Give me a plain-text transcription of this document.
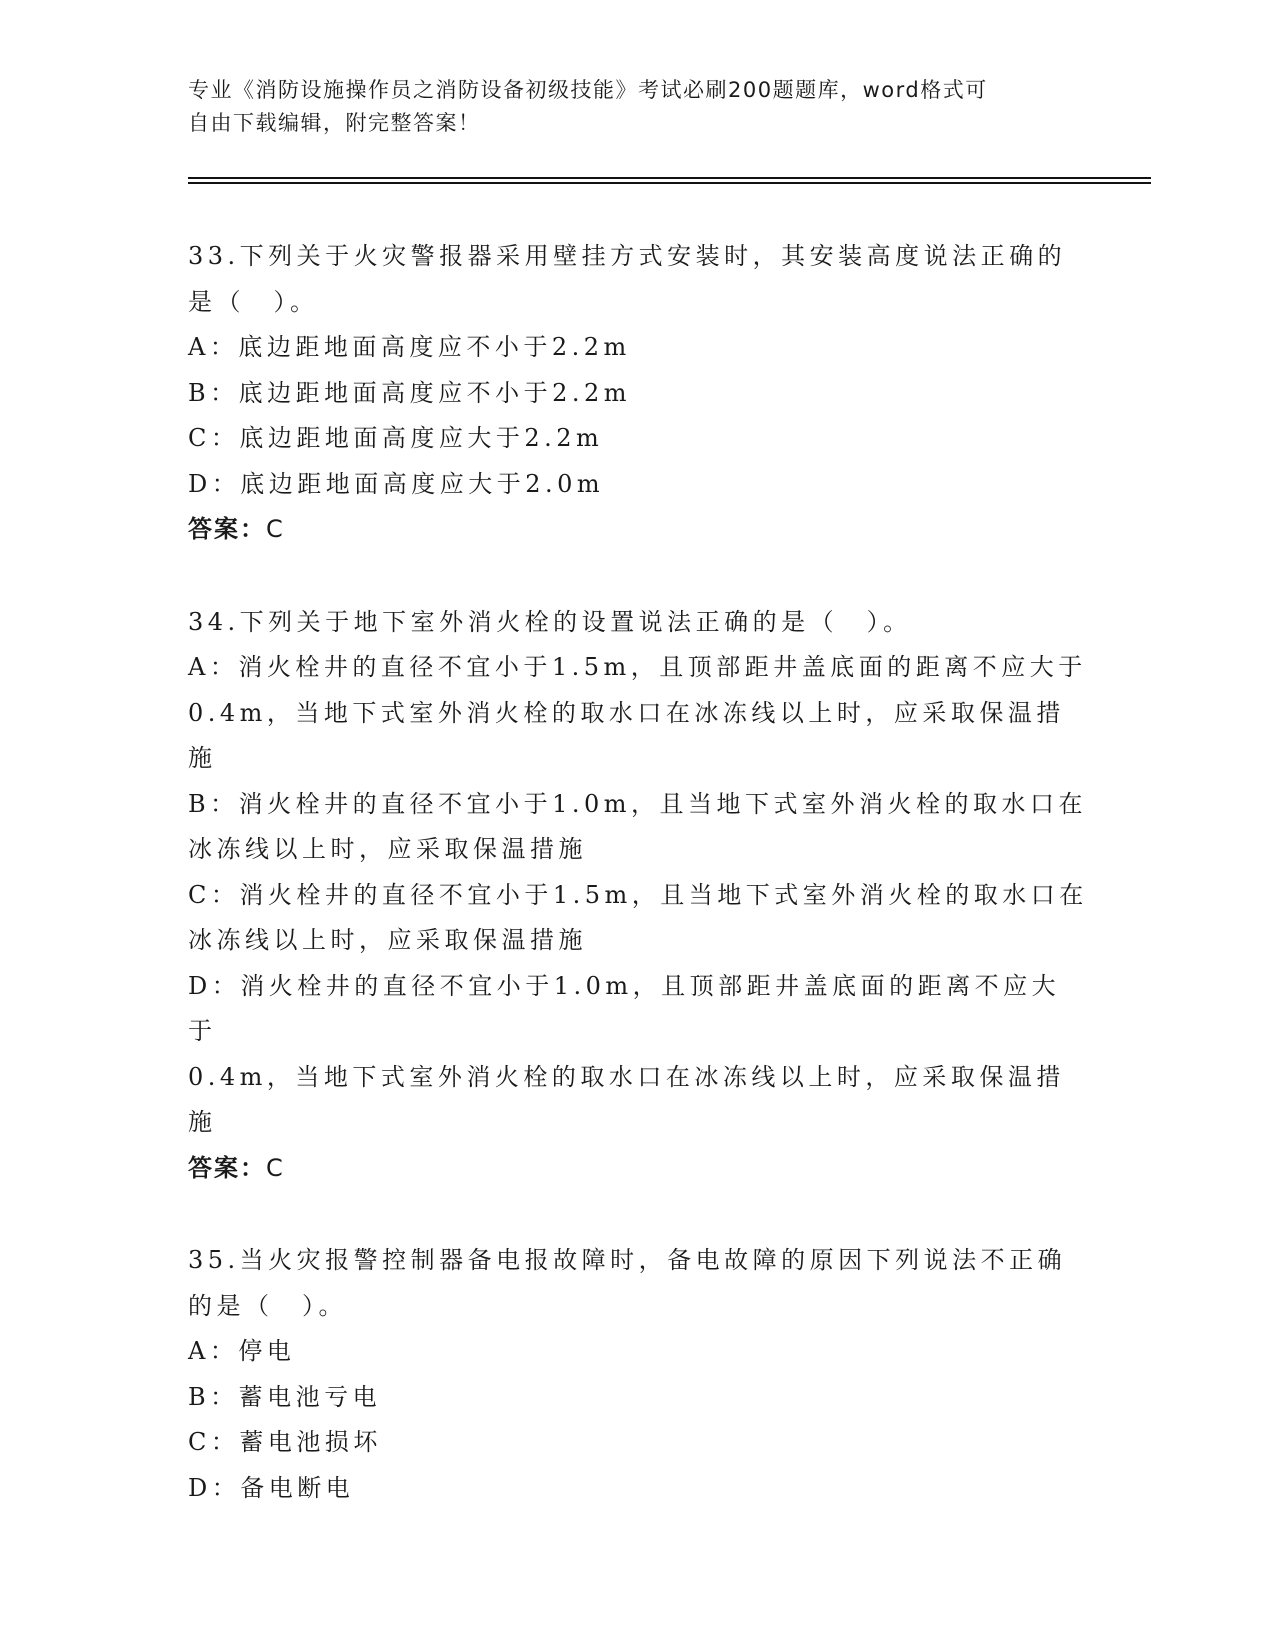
专业《消防设施操作员之消防设备初级技能》考试必刷200题题库，word格式可
自由下载编辑，附完整答案！

33.下列关于火灾警报器采用壁挂方式安装时，其安装高度说法正确的

是（　）。

A：底边距地面高度应不小于2.2m

B：底边距地面高度应不小于2.2m

C：底边距地面高度应大于2.2m

D：底边距地面高度应大于2.0m

答案：C

34.下列关于地下室外消火栓的设置说法正确的是（　）。

A：消火栓井的直径不宜小于1.5m，且顶部距井盖底面的距离不应大于

0.4m，当地下式室外消火栓的取水口在冰冻线以上时，应采取保温措

施

B：消火栓井的直径不宜小于1.0m，且当地下式室外消火栓的取水口在

冰冻线以上时，应采取保温措施

C：消火栓井的直径不宜小于1.5m，且当地下式室外消火栓的取水口在

冰冻线以上时，应采取保温措施

D：消火栓井的直径不宜小于1.0m，且顶部距井盖底面的距离不应大于

0.4m，当地下式室外消火栓的取水口在冰冻线以上时，应采取保温措

施

答案：C

35.当火灾报警控制器备电报故障时，备电故障的原因下列说法不正确

的是（　）。

A：停电

B：蓄电池亏电

C：蓄电池损坏

D：备电断电
